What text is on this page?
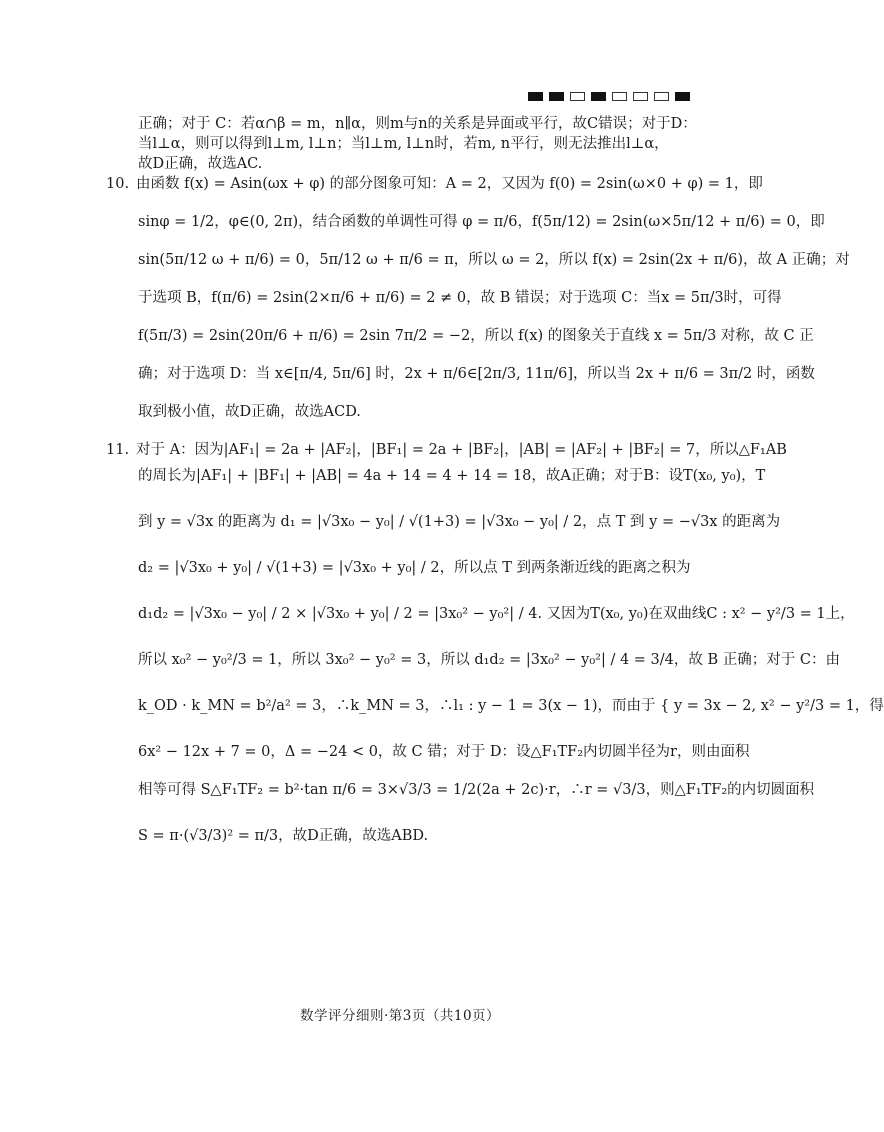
正确；对于 C：若α∩β = m，n∥α，则m与n的关系是异面或平行，故C错误；对于D：
当l⊥α，则可以得到l⊥m, l⊥n；当l⊥m, l⊥n时，若m, n平行，则无法推出l⊥α，
故D正确，故选AC.
10. 由函数 f(x) = Asin(ωx + φ) 的部分图象可知：A = 2，又因为 f(0) = 2sin(ω×0 + φ) = 1，即
sinφ = 1/2，φ∈(0, 2π)，结合函数的单调性可得 φ = π/6，f(5π/12) = 2sin(ω×5π/12 + π/6) = 0，即
sin(5π/12 ω + π/6) = 0，5π/12 ω + π/6 = π，所以 ω = 2，所以 f(x) = 2sin(2x + π/6)，故 A 正确；对
于选项 B，f(π/6) = 2sin(2×π/6 + π/6) = 2 ≠ 0，故 B 错误；对于选项 C：当x = 5π/3时，可得
f(5π/3) = 2sin(20π/6 + π/6) = 2sin 7π/2 = −2，所以 f(x) 的图象关于直线 x = 5π/3 对称，故 C 正
确；对于选项 D：当 x∈[π/4, 5π/6] 时，2x + π/6∈[2π/3, 11π/6]，所以当 2x + π/6 = 3π/2 时，函数
取到极小值，故D正确，故选ACD.
11. 对于 A：因为|AF₁| = 2a + |AF₂|，|BF₁| = 2a + |BF₂|，|AB| = |AF₂| + |BF₂| = 7，所以△F₁AB
的周长为|AF₁| + |BF₁| + |AB| = 4a + 14 = 4 + 14 = 18，故A正确；对于B：设T(x₀, y₀)，T
到 y = √3x 的距离为 d₁ = |√3x₀ − y₀| / √(1+3) = |√3x₀ − y₀| / 2，点 T 到 y = −√3x 的距离为
d₂ = |√3x₀ + y₀| / √(1+3) = |√3x₀ + y₀| / 2，所以点 T 到两条渐近线的距离之积为
d₁d₂ = |√3x₀ − y₀| / 2 × |√3x₀ + y₀| / 2 = |3x₀² − y₀²| / 4. 又因为T(x₀, y₀)在双曲线C : x² − y²/3 = 1上，
所以 x₀² − y₀²/3 = 1，所以 3x₀² − y₀² = 3，所以 d₁d₂ = |3x₀² − y₀²| / 4 = 3/4，故 B 正确；对于 C：由
k_OD · k_MN = b²/a² = 3，∴k_MN = 3，∴l₁ : y − 1 = 3(x − 1)，而由于 { y = 3x − 2, x² − y²/3 = 1，得
6x² − 12x + 7 = 0，Δ = −24 < 0，故 C 错；对于 D：设△F₁TF₂内切圆半径为r，则由面积
相等可得 S△F₁TF₂ = b²·tan π/6 = 3×√3/3 = 1/2(2a + 2c)·r，∴r = √3/3，则△F₁TF₂的内切圆面积
S = π·(√3/3)² = π/3，故D正确，故选ABD.
数学评分细则·第3页（共10页）
